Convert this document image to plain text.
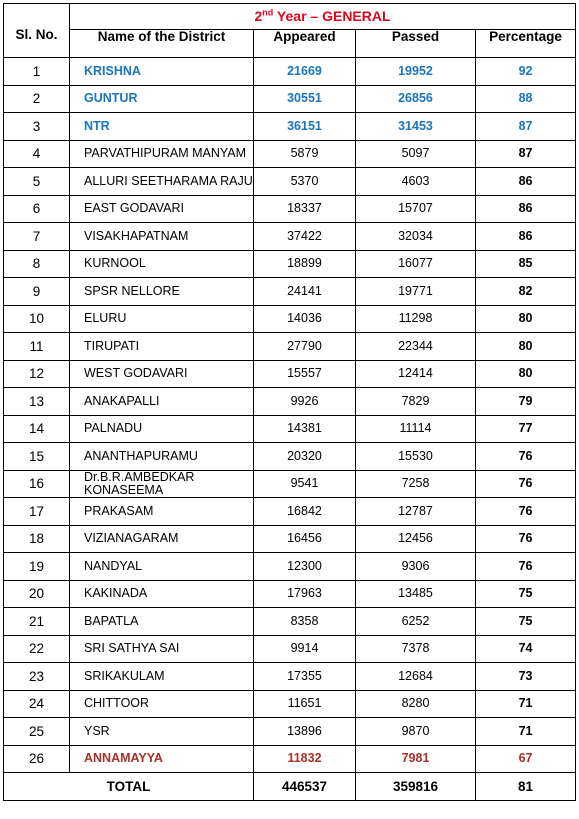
Sl. No.	2nd Year – GENERAL			
	Name of the District	Appeared	Passed	Percentage
1	KRISHNA	21669	19952	92
2	GUNTUR	30551	26856	88
3	NTR	36151	31453	87
4	PARVATHIPURAM MANYAM	5879	5097	87
5	ALLURI SEETHARAMA RAJU	5370	4603	86
6	EAST GODAVARI	18337	15707	86
7	VISAKHAPATNAM	37422	32034	86
8	KURNOOL	18899	16077	85
9	SPSR NELLORE	24141	19771	82
10	ELURU	14036	11298	80
11	TIRUPATI	27790	22344	80
12	WEST GODAVARI	15557	12414	80
13	ANAKAPALLI	9926	7829	79
14	PALNADU	14381	11114	77
15	ANANTHAPURAMU	20320	15530	76
16	Dr.B.R.AMBEDKAR KONASEEMA	9541	7258	76
17	PRAKASAM	16842	12787	76
18	VIZIANAGARAM	16456	12456	76
19	NANDYAL	12300	9306	76
20	KAKINADA	17963	13485	75
21	BAPATLA	8358	6252	75
22	SRI SATHYA SAI	9914	7378	74
23	SRIKAKULAM	17355	12684	73
24	CHITTOOR	11651	8280	71
25	YSR	13896	9870	71
26	ANNAMAYYA	11832	7981	67
TOTAL		446537	359816	81
